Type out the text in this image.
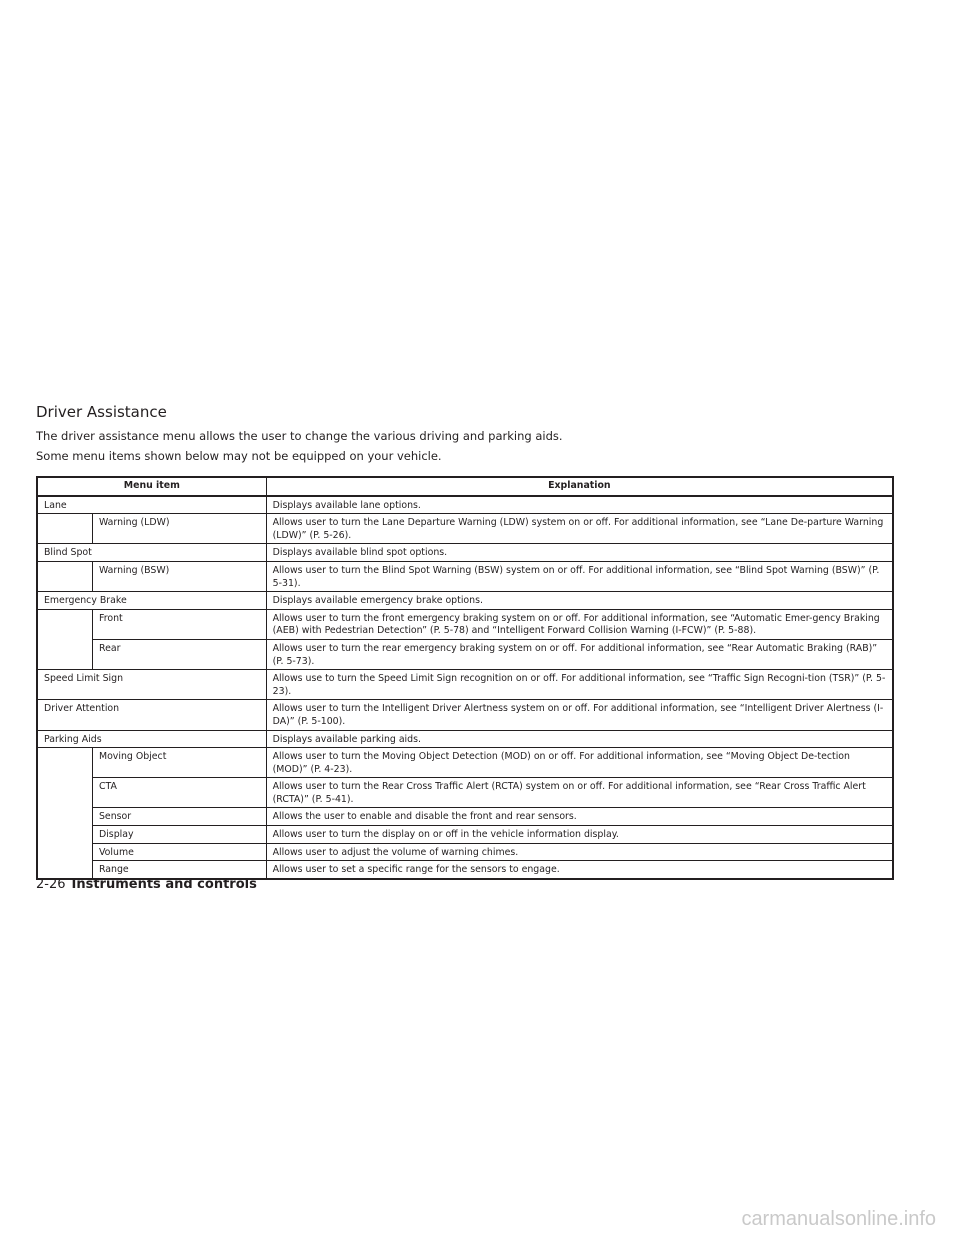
Driver Assistance

The driver assistance menu allows the user to change the various driving and parking aids.

Some menu items shown below may not be equipped on your vehicle.

Menu item		Explanation
Lane		Displays available lane options.
	Warning (LDW)	Allows user to turn the Lane Departure Warning (LDW) system on or off. For additional information, see “Lane De-parture Warning (LDW)” (P. 5-26).
Blind Spot		Displays available blind spot options.
	Warning (BSW)	Allows user to turn the Blind Spot Warning (BSW) system on or off. For additional information, see “Blind Spot Warning (BSW)” (P. 5-31).
Emergency Brake		Displays available emergency brake options.
	Front	Allows user to turn the front emergency braking system on or off. For additional information, see “Automatic Emer-gency Braking (AEB) with Pedestrian Detection” (P. 5-78) and “Intelligent Forward Collision Warning (I-FCW)” (P. 5-88).
	Rear	Allows user to turn the rear emergency braking system on or off. For additional information, see “Rear Automatic Braking (RAB)” (P. 5-73).
Speed Limit Sign		Allows use to turn the Speed Limit Sign recognition on or off. For additional information, see “Traffic Sign Recogni-tion (TSR)” (P. 5-23).
Driver Attention		Allows user to turn the Intelligent Driver Alertness system on or off. For additional information, see “Intelligent Driver Alertness (I-DA)” (P. 5-100).
Parking Aids		Displays available parking aids.
	Moving Object	Allows user to turn the Moving Object Detection (MOD) on or off. For additional information, see “Moving Object De-tection (MOD)” (P. 4-23).
	CTA	Allows user to turn the Rear Cross Traffic Alert (RCTA) system on or off. For additional information, see “Rear Cross Traffic Alert (RCTA)” (P. 5-41).
	Sensor	Allows the user to enable and disable the front and rear sensors.
	Display	Allows user to turn the display on or off in the vehicle information display.
	Volume	Allows user to adjust the volume of warning chimes.
	Range	Allows user to set a specific range for the sensors to engage.
2-26 Instruments and controls
carmanualsonline.info
